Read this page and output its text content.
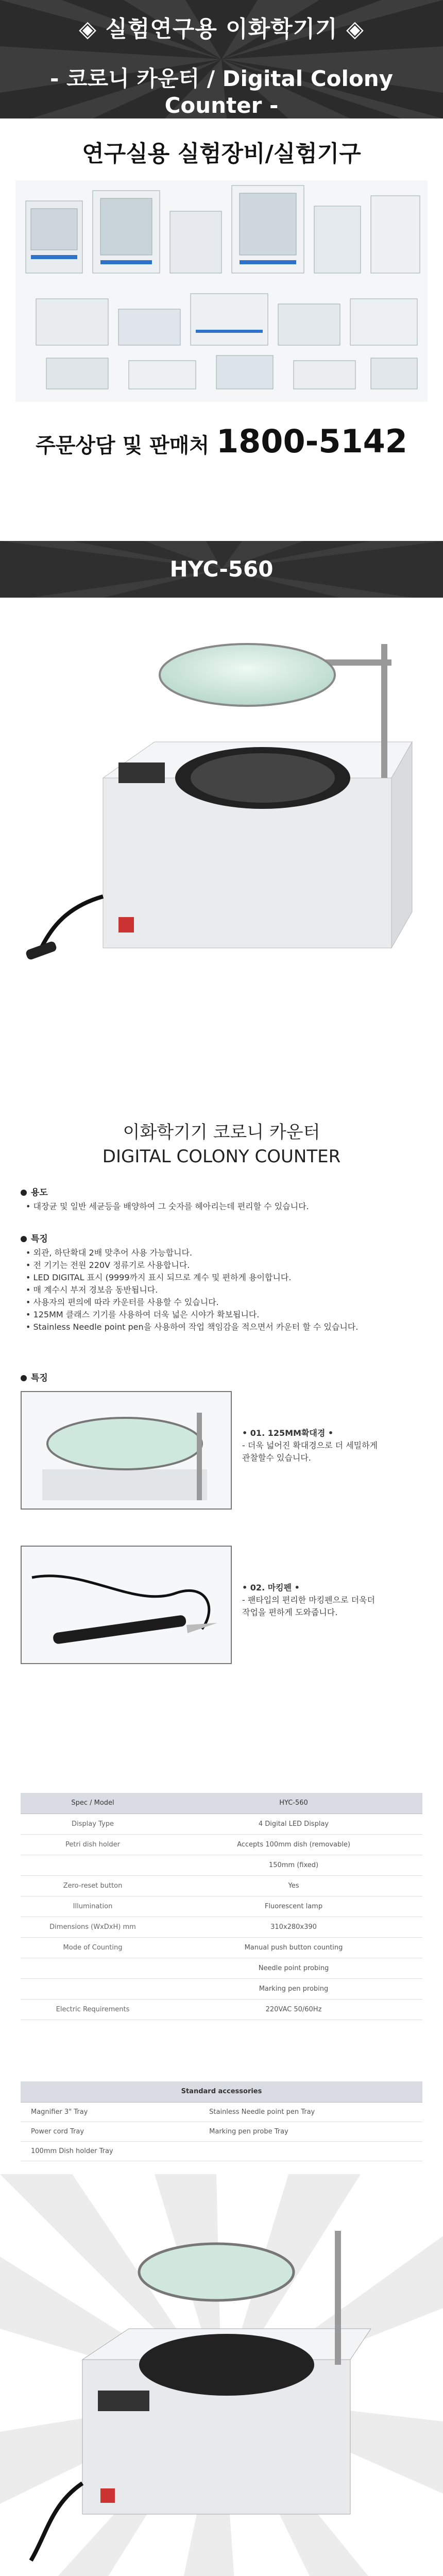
◈ 실험연구용 이화학기기 ◈
- 코로니 카운터 / Digital Colony Counter -
연구실용 실험장비/실험기구
주문상담 및 판매처 1800-5142
HYC-560
이화학기기 코로니 카운터
DIGITAL COLONY COUNTER
용도
• 대장균 및 일반 세균등을 배양하여 그 숫자를 헤아리는데 편리할 수 있습니다.
특징
• 외관, 하단확대 2배 맞추어 사용 가능합니다.
• 전 기기는 전원 220V 정류기로 사용합니다.
• LED DIGITAL 표시 (9999까지 표시 되므로 계수 및 편하게 용이합니다.
• 매 계수시 부저 경보음 동반됩니다.
• 사용자의 편의에 따라 카운터를 사용할 수 있습니다.
• 125MM 클래스 기기를 사용하여 더욱 넓은 시야가 확보됩니다.
• Stainless Needle point pen을 사용하여 작업 책임감을 적으면서 카운터 할 수 있습니다.
특징
• 01. 125MM확대경 •
- 더욱 넓어진 확대경으로 더 세밀하게
관찰할수 있습니다.
• 02. 마킹펜 •
- 팬타입의 편리한 마킹펜으로 더욱더
작업을 편하게 도와줍니다.
Spec / Model	HYC-560
Display Type	4 Digital LED Display
Petri dish holder	Accepts 100mm dish (removable)
	150mm (fixed)
Zero-reset button	Yes
Illumination	Fluorescent lamp
Dimensions (WxDxH) mm	310x280x390
Mode of Counting	Manual push button counting
	Needle point probing
	Marking pen probing
Electric Requirements	220VAC 50/60Hz
Standard accessories	
Magnifier 3" Tray	Stainless Needle point pen Tray
Power cord Tray	Marking pen probe Tray
100mm Dish holder Tray	
